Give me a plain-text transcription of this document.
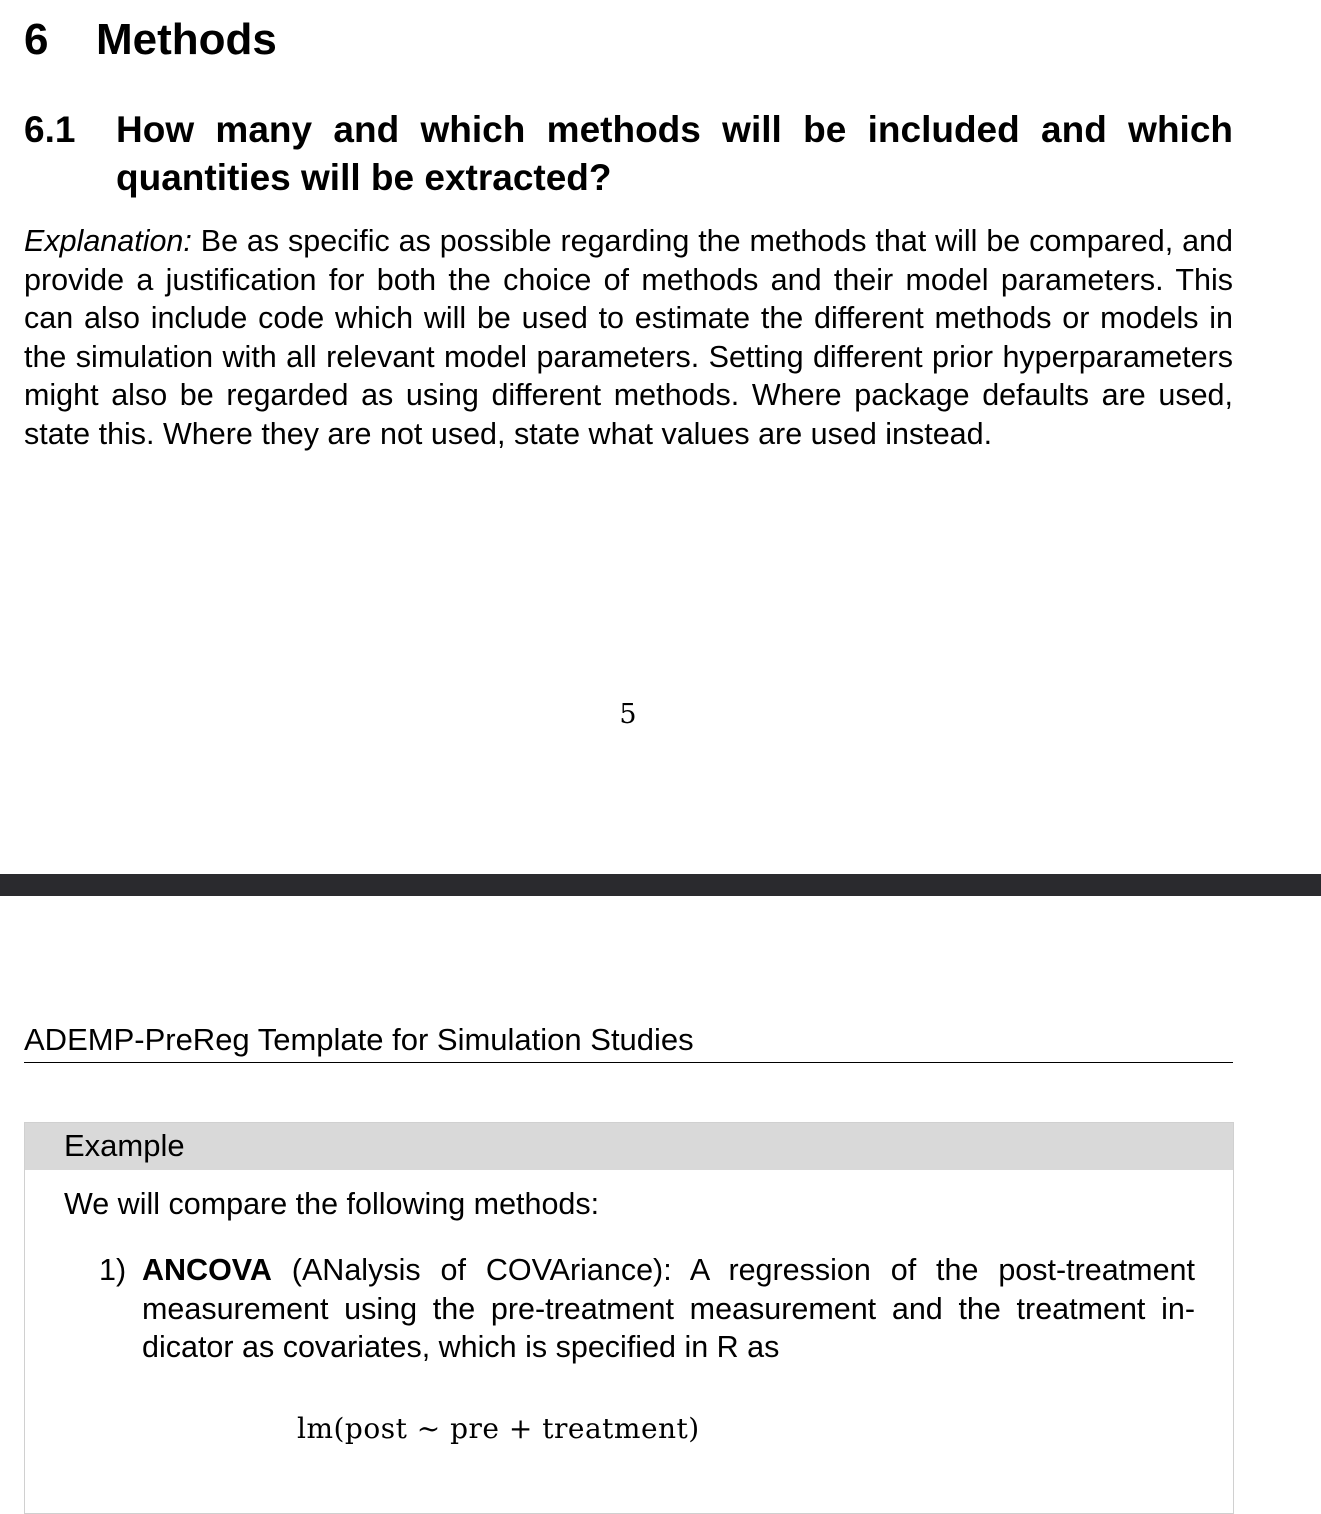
6 Methods
6.1 How many and which methods will be included and which quantities will be extracted?

Explanation: Be as specific as possible regarding the methods that will be compared, and provide a justification for both the choice of methods and their model parameters. This can also include code which will be used to estimate the different methods or models in the simulation with all relevant model parameters. Setting different prior hyperparameters might also be regarded as using different methods. Where package defaults are used, state this. Where they are not used, state what values are used instead.

5
ADEMP-PreReg Template for Simulation Studies
Example

We will compare the following methods:

1) ANCOVA (ANalysis of COVAriance): A regression of the post-treatment measurement using the pre-treatment measurement and the treatment in- dicator as covariates, which is specified in R as
lm(post ~ pre + treatment)
